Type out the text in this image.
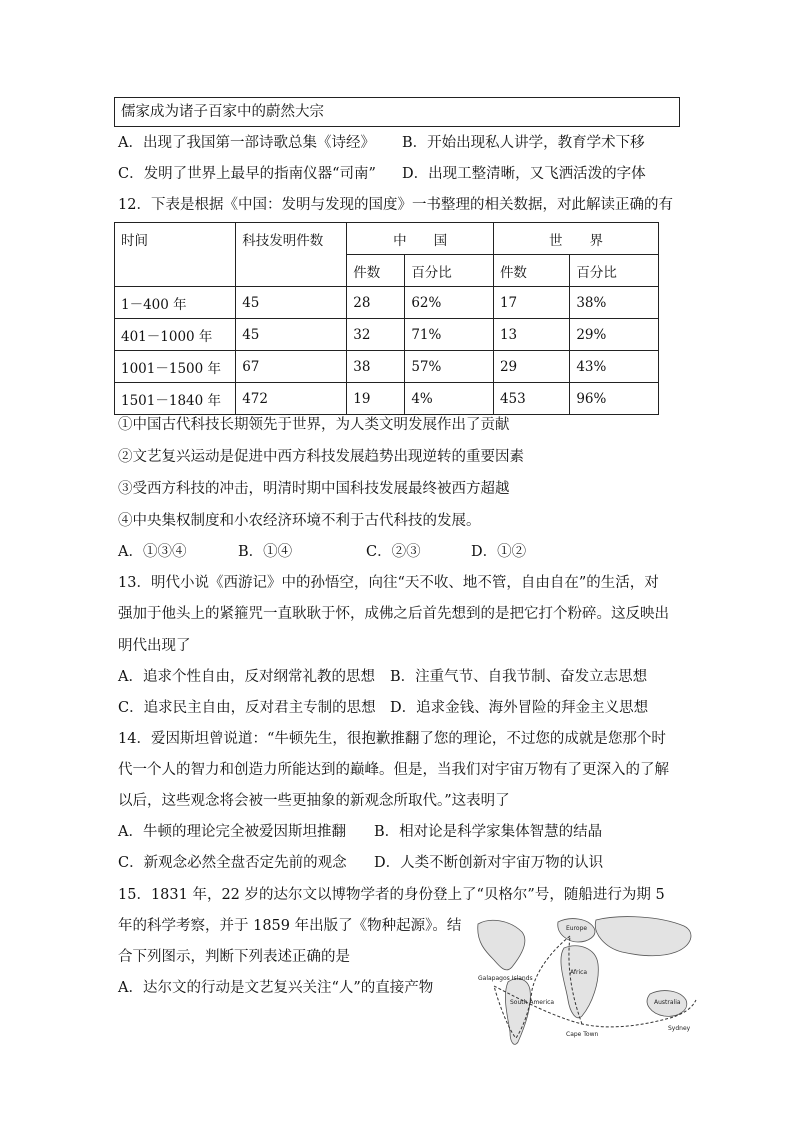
儒家成为诸子百家中的蔚然大宗
A．出现了我国第一部诗歌总集《诗经》 B．开始出现私人讲学，教育学术下移
C．发明了世界上最早的指南仪器“司南” D．出现工整清晰，又飞洒活泼的字体
12．下表是根据《中国：发明与发现的国度》一书整理的相关数据，对此解读正确的有
时间	科技发明件数	中　　国		世　　界	
		件数	百分比	件数	百分比
1－400 年	45	28	62%	17	38%
401－1000 年	45	32	71%	13	29%
1001－1500 年	67	38	57%	29	43%
1501－1840 年	472	19	4%	453	96%
①中国古代科技长期领先于世界，为人类文明发展作出了贡献
②文艺复兴运动是促进中西方科技发展趋势出现逆转的重要因素
③受西方科技的冲击，明清时期中国科技发展最终被西方超越
④中央集权制度和小农经济环境不利于古代科技的发展。
A．①③④	B．①④	C．②③	D．①②
13．明代小说《西游记》中的孙悟空，向往“天不收、地不管，自由自在”的生活，对
强加于他头上的紧箍咒一直耿耿于怀，成佛之后首先想到的是把它打个粉碎。这反映出
明代出现了
A．追求个性自由，反对纲常礼教的思想 B．注重气节、自我节制、奋发立志思想
C．追求民主自由，反对君主专制的思想 D．追求金钱、海外冒险的拜金主义思想
14．爱因斯坦曾说道：“牛顿先生，很抱歉推翻了您的理论，不过您的成就是您那个时
代一个人的智力和创造力所能达到的巅峰。但是，当我们对宇宙万物有了更深入的了解
以后，这些观念将会被一些更抽象的新观念所取代。”这表明了
A．牛顿的理论完全被爱因斯坦推翻 B．相对论是科学家集体智慧的结晶
C．新观念必然全盘否定先前的观念 D．人类不断创新对宇宙万物的认识
15．1831 年，22 岁的达尔文以博物学者的身份登上了“贝格尔”号，随船进行为期 5
年的科学考察，并于 1859 年出版了《物种起源》。结
合下列图示，判断下列表述正确的是
A．达尔文的行动是文艺复兴关注“人”的直接产物
Galapagos Islands
South America
Cape Town
Sydney
Australia
Africa
Europe
